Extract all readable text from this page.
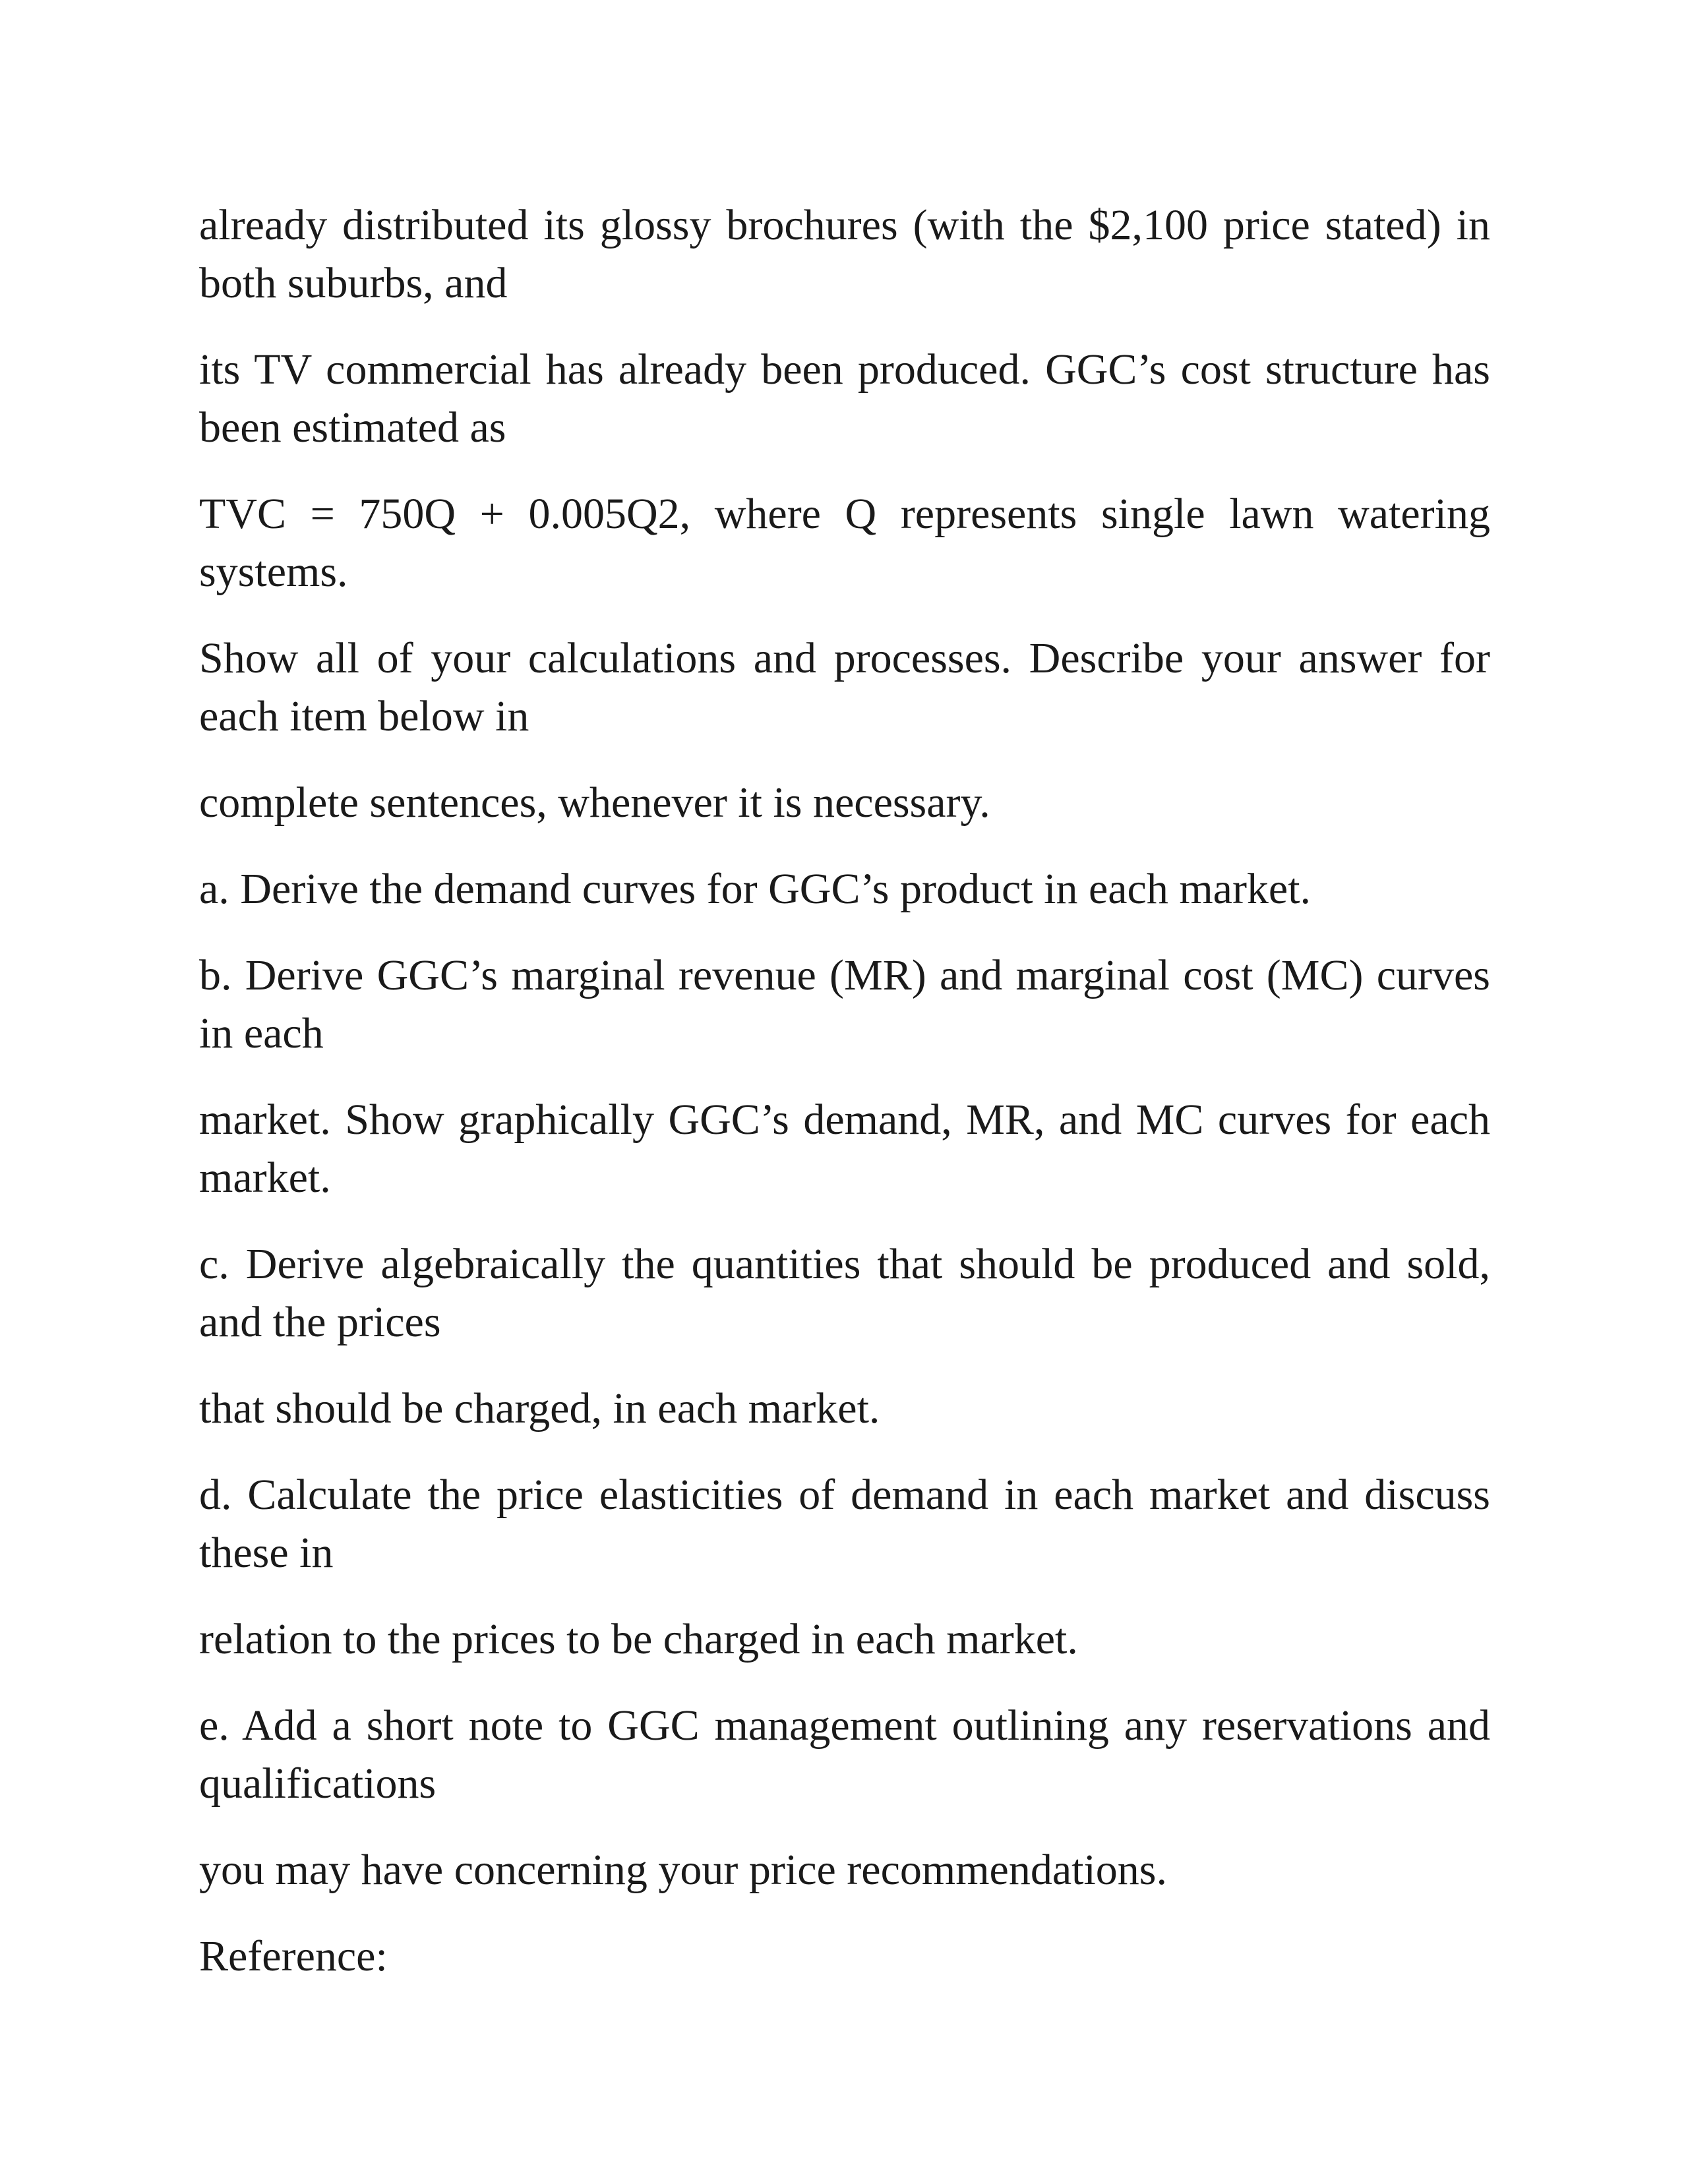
already distributed its glossy brochures (with the $2,100 price stated) in both suburbs, and

its TV commercial has already been produced. GGC’s cost structure has been estimated as

TVC = 750Q + 0.005Q2, where Q represents single lawn watering systems.

Show all of your calculations and processes. Describe your answer for each item below in

complete sentences, whenever it is necessary.

a. Derive the demand curves for GGC’s product in each market.

b. Derive GGC’s marginal revenue (MR) and marginal cost (MC) curves in each

market. Show graphically GGC’s demand, MR, and MC curves for each market.

c. Derive algebraically the quantities that should be produced and sold, and the prices

that should be charged, in each market.

d. Calculate the price elasticities of demand in each market and discuss these in

relation to the prices to be charged in each market.

e. Add a short note to GGC management outlining any reservations and qualifications

you may have concerning your price recommendations.

Reference:
